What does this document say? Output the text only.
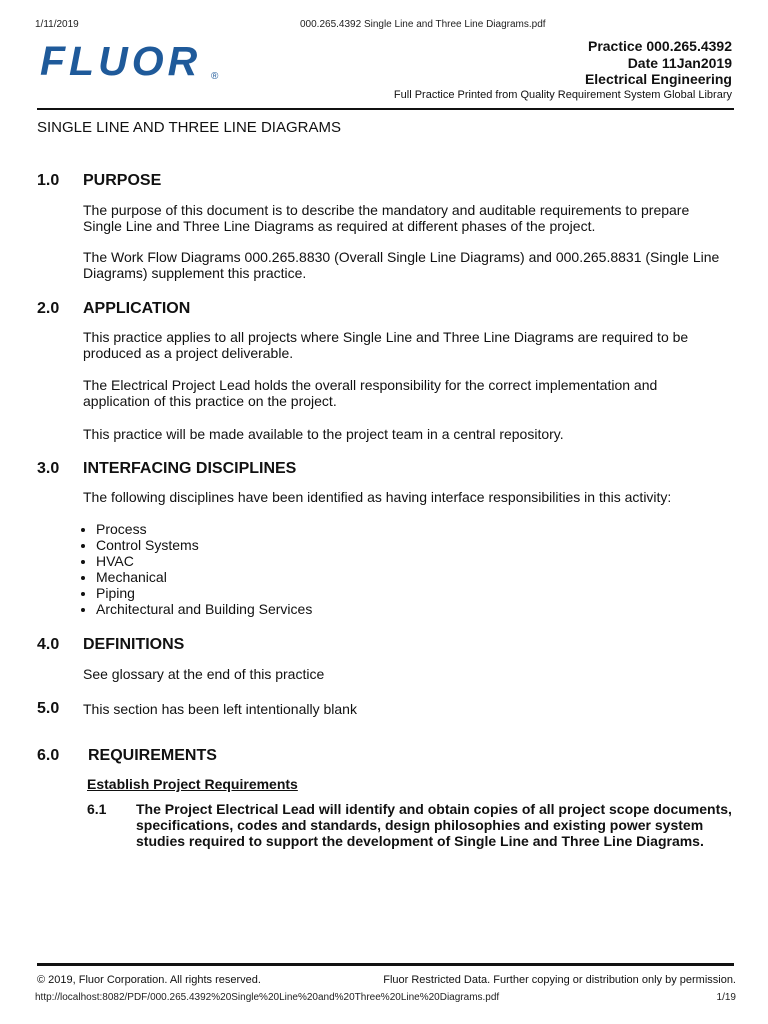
1/11/2019	000.265.4392 Single Line and Three Line Diagrams.pdf
FLUOR ®
Practice 000.265.4392
Date 11Jan2019
Electrical Engineering
Full Practice Printed from Quality Requirement System Global Library
SINGLE LINE AND THREE LINE DIAGRAMS
1.0 PURPOSE
The purpose of this document is to describe the mandatory and auditable requirements to prepare Single Line and Three Line Diagrams as required at different phases of the project.
The Work Flow Diagrams 000.265.8830 (Overall Single Line Diagrams) and 000.265.8831 (Single Line Diagrams) supplement this practice.
2.0 APPLICATION
This practice applies to all projects where Single Line and Three Line Diagrams are required to be produced as a project deliverable.
The Electrical Project Lead holds the overall responsibility for the correct implementation and application of this practice on the project.
This practice will be made available to the project team in a central repository.
3.0 INTERFACING DISCIPLINES
The following disciplines have been identified as having interface responsibilities in this activity:
• Process
• Control Systems
• HVAC
• Mechanical
• Piping
• Architectural and Building Services
4.0 DEFINITIONS
See glossary at the end of this practice
5.0 This section has been left intentionally blank
6.0 REQUIREMENTS
Establish Project Requirements
6.1 The Project Electrical Lead will identify and obtain copies of all project scope documents, specifications, codes and standards, design philosophies and existing power system studies required to support the development of Single Line and Three Line Diagrams.
© 2019, Fluor Corporation. All rights reserved.	Fluor Restricted Data. Further copying or distribution only by permission.
http://localhost:8082/PDF/000.265.4392%20Single%20Line%20and%20Three%20Line%20Diagrams.pdf	1/19
